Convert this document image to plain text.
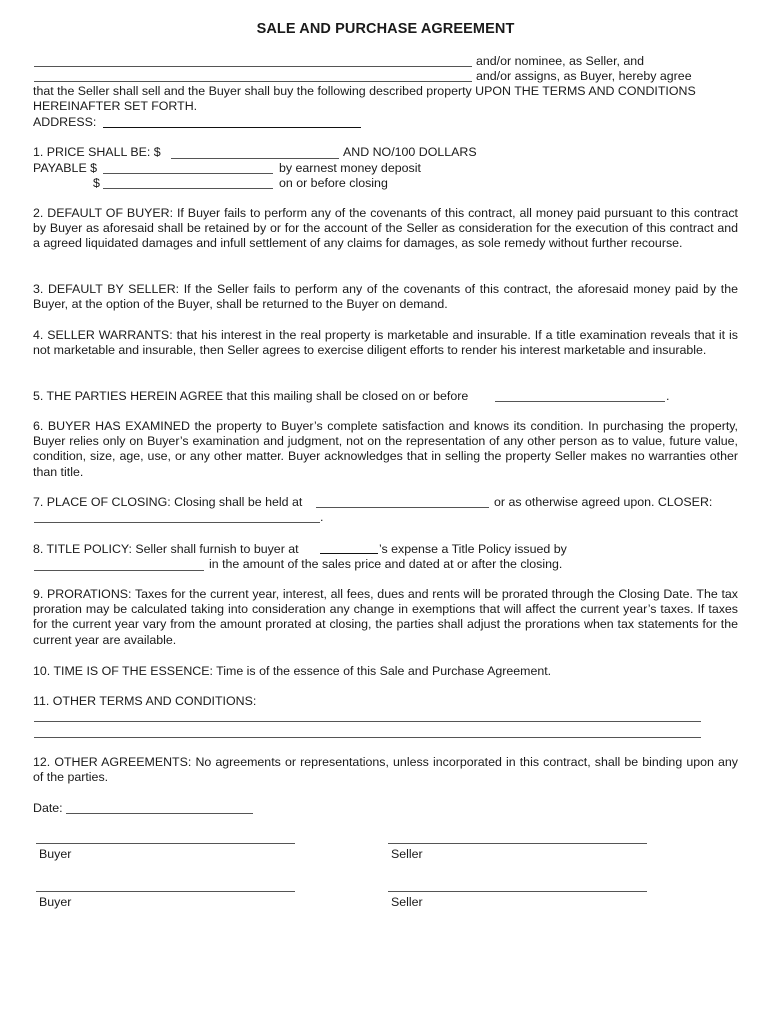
SALE AND PURCHASE AGREEMENT
and/or nominee, as Seller, and
and/or assigns, as Buyer, hereby agree
that the Seller shall sell and the Buyer shall buy the following described property UPON THE TERMS AND CONDITIONS HEREINAFTER SET FORTH.
ADDRESS:
1. PRICE SHALL BE: $	AND NO/100 DOLLARS
PAYABLE $	by earnest money deposit
$	on or before closing
2. DEFAULT OF BUYER: If Buyer fails to perform any of the covenants of this contract, all money paid pursuant to this contract by Buyer as aforesaid shall be retained by or for the account of the Seller as consideration for the execution of this contract and a agreed liquidated damages and infull settlement of any claims for damages, as sole remedy without further recourse.
3. DEFAULT BY SELLER: If the Seller fails to perform any of the covenants of this contract, the aforesaid money paid by the Buyer, at the option of the Buyer, shall be returned to the Buyer on demand.
4. SELLER WARRANTS: that his interest in the real property is marketable and insurable. If a title examination reveals that it is not marketable and insurable, then Seller agrees to exercise diligent efforts to render his interest marketable and insurable.
5. THE PARTIES HEREIN AGREE that this mailing shall be closed on or before	.
6. BUYER HAS EXAMINED the property to Buyer’s complete satisfaction and knows its condition. In purchasing the property, Buyer relies only on Buyer’s examination and judgment, not on the representation of any other person as to value, future value, condition, size, age, use, or any other matter. Buyer acknowledges that in selling the property Seller makes no warranties other than title.
7. PLACE OF CLOSING: Closing shall be held at	or as otherwise agreed upon. CLOSER:
.
8. TITLE POLICY: Seller shall furnish to buyer at	’s expense a Title Policy issued by
in the amount of the sales price and dated at or after the closing.
9. PRORATIONS: Taxes for the current year, interest, all fees, dues and rents will be prorated through the Closing Date. The tax proration may be calculated taking into consideration any change in exemptions that will affect the current year’s taxes. If taxes for the current year vary from the amount prorated at closing, the parties shall adjust the prorations when tax statements for the current year are available.
10. TIME IS OF THE ESSENCE: Time is of the essence of this Sale and Purchase Agreement.
11. OTHER TERMS AND CONDITIONS:
12. OTHER AGREEMENTS: No agreements or representations, unless incorporated in this contract, shall be binding upon any of the parties.
Date:
Buyer	Seller
Buyer	Seller
